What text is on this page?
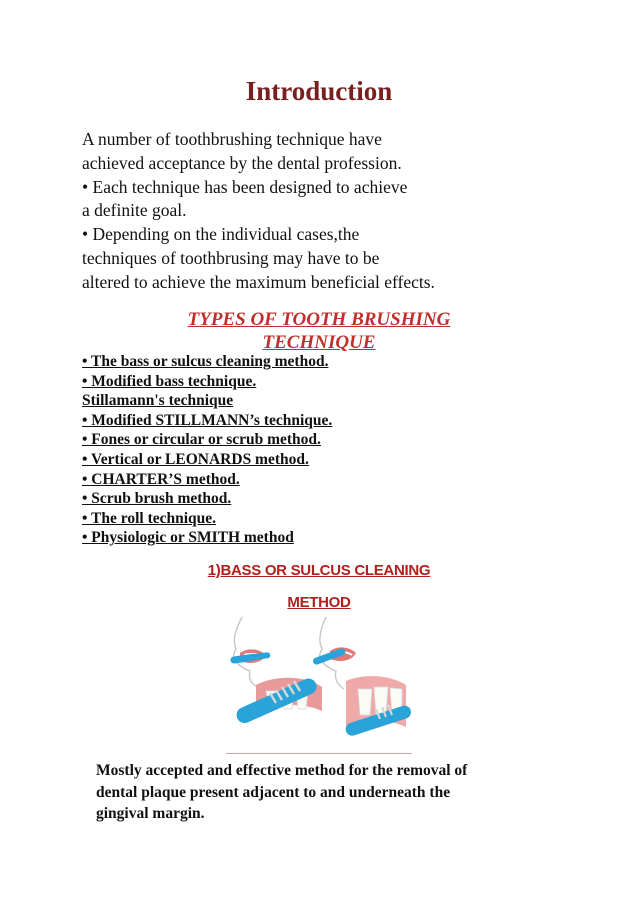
Introduction
A number of toothbrushing technique have
achieved acceptance by the dental profession.
• Each technique has been designed to achieve
a definite goal.
• Depending on the individual cases,the
techniques of toothbrusing may have to be
altered to achieve the maximum beneficial effects.
TYPES OF TOOTH BRUSHING
TECHNIQUE
• The bass or sulcus cleaning method.
• Modified bass technique.
Stillamann's technique
• Modified STILLMANN’s technique.
• Fones or circular or scrub method.
• Vertical or LEONARDS method.
• CHARTER’S method.
• Scrub brush method.
• The roll technique.
• Physiologic or SMITH method
1)BASS OR SULCUS CLEANING
METHOD
Mostly accepted and effective method for the removal of
dental plaque present adjacent to and underneath the
gingival margin.
